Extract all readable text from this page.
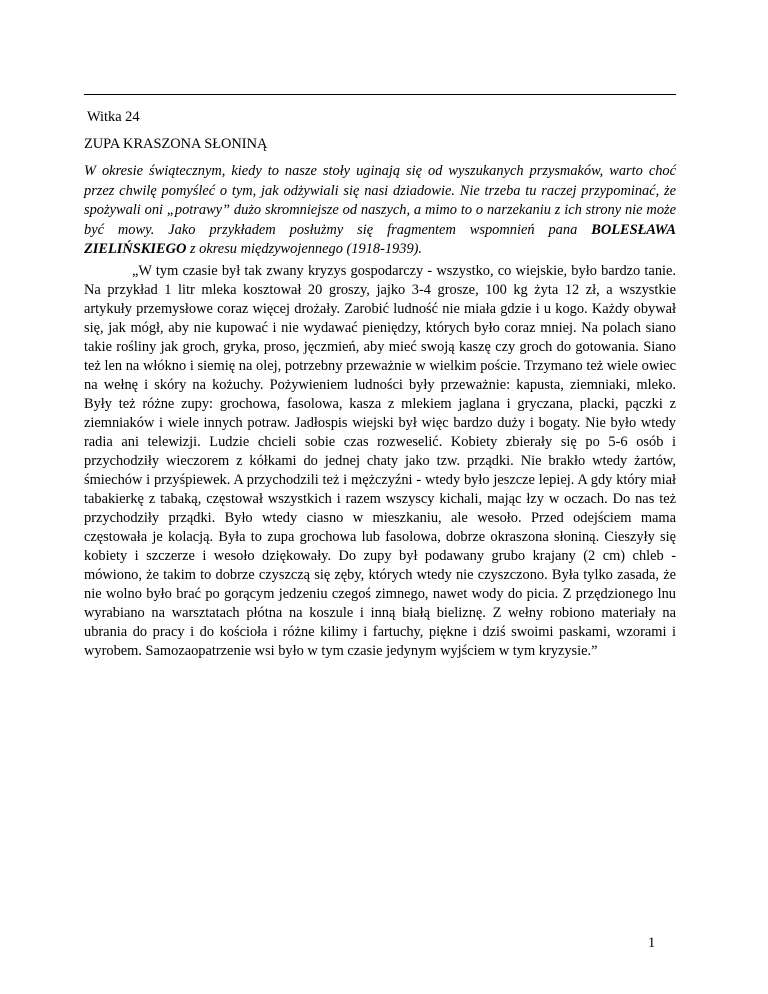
Witka 24

ZUPA KRASZONA SŁONINĄ

W okresie świątecznym, kiedy to nasze stoły uginają się od wyszukanych przysmaków, warto choć przez chwilę pomyśleć o tym, jak odżywiali się nasi dziadowie. Nie trzeba tu raczej przypominać, że spożywali oni „potrawy” dużo skromniejsze od naszych, a mimo to o narzekaniu z ich strony nie może być mowy. Jako przykładem posłużmy się fragmentem wspomnień pana BOLESŁAWA ZIELIŃSKIEGO z okresu międzywojennego (1918-1939).

„W tym czasie był tak zwany kryzys gospodarczy - wszystko, co wiejskie, było bardzo tanie. Na przykład 1 litr mleka kosztował 20 groszy, jajko 3-4 grosze, 100 kg żyta 12 zł, a wszystkie artykuły przemysłowe coraz więcej drożały. Zarobić ludność nie miała gdzie i u kogo. Każdy obywał się, jak mógł, aby nie kupować i nie wydawać pieniędzy, których było coraz mniej. Na polach siano takie rośliny jak groch, gryka, proso, jęczmień, aby mieć swoją kaszę czy groch do gotowania. Siano też len na włókno i siemię na olej, potrzebny przeważnie w wielkim poście. Trzymano też wiele owiec na wełnę i skóry na kożuchy. Pożywieniem ludności były przeważnie: kapusta, ziemniaki, mleko. Były też różne zupy: grochowa, fasolowa, kasza z mlekiem jaglana i gryczana, placki, pączki z ziemniaków i wiele innych potraw. Jadłospis wiejski był więc bardzo duży i bogaty. Nie było wtedy radia ani telewizji. Ludzie chcieli sobie czas rozweselić. Kobiety zbierały się po 5-6 osób i przychodziły wieczorem z kółkami do jednej chaty jako tzw. prządki. Nie brakło wtedy żartów, śmiechów i przyśpiewek. A przychodzili też i mężczyźni - wtedy było jeszcze lepiej. A gdy który miał tabakierkę z tabaką, częstował wszystkich i razem wszyscy kichali, mając łzy w oczach. Do nas też przychodziły prządki. Było wtedy ciasno w mieszkaniu, ale wesoło. Przed odejściem mama częstowała je kolacją. Była to zupa grochowa lub fasolowa, dobrze okraszona słoniną. Cieszyły się kobiety i szczerze i wesoło dziękowały. Do zupy był podawany grubo krajany (2 cm) chleb - mówiono, że takim to dobrze czyszczą się zęby, których wtedy nie czyszczono. Była tylko zasada, że nie wolno było brać po gorącym jedzeniu czegoś zimnego, nawet wody do picia. Z przędzionego lnu wyrabiano na warsztatach płótna na koszule i inną białą bieliznę. Z wełny robiono materiały na ubrania do pracy i do kościoła i różne kilimy i fartuchy, piękne i dziś swoimi paskami, wzorami i wyrobem. Samozaopatrzenie wsi było w tym czasie jedynym wyjściem w tym kryzysie.”

1
